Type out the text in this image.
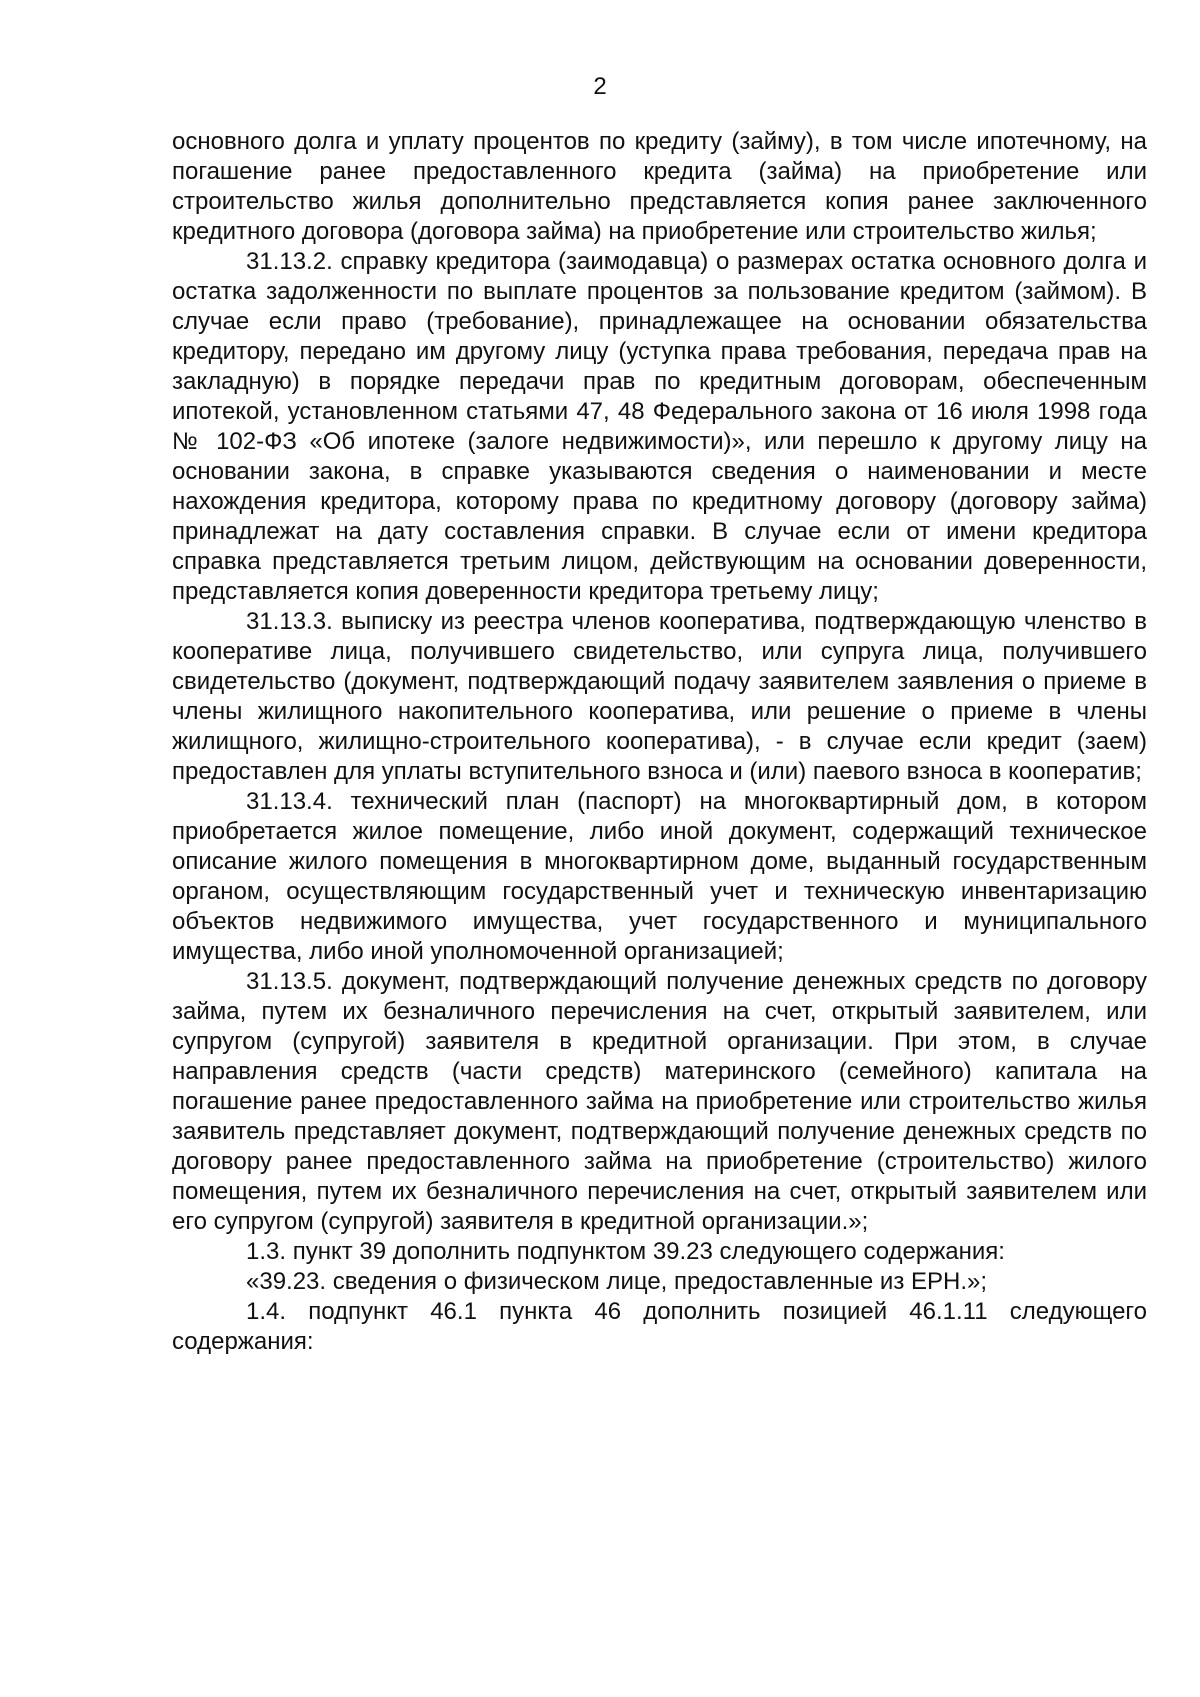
2

основного долга и уплату процентов по кредиту (займу), в том числе ипотечному, на погашение ранее предоставленного кредита (займа) на приобретение или строительство жилья дополнительно представляется копия ранее заключенного кредитного договора (договора займа) на приобретение или строительство жилья;

31.13.2. справку кредитора (заимодавца) о размерах остатка основного долга и остатка задолженности по выплате процентов за пользование кредитом (займом). В случае если право (требование), принадлежащее на основании обязательства кредитору, передано им другому лицу (уступка права требования, передача прав на закладную) в порядке передачи прав по кредитным договорам, обеспеченным ипотекой, установленном статьями 47, 48 Федерального закона от 16 июля 1998 года № 102-ФЗ «Об ипотеке (залоге недвижимости)», или перешло к другому лицу на основании закона, в справке указываются сведения о наименовании и месте нахождения кредитора, которому права по кредитному договору (договору займа) принадлежат на дату составления справки. В случае если от имени кредитора справка представляется третьим лицом, действующим на основании доверенности, представляется копия доверенности кредитора третьему лицу;

31.13.3. выписку из реестра членов кооператива, подтверждающую членство в кооперативе лица, получившего свидетельство, или супруга лица, получившего свидетельство (документ, подтверждающий подачу заявителем заявления о приеме в члены жилищного накопительного кооператива, или решение о приеме в члены жилищного, жилищно-строительного кооператива), - в случае если кредит (заем) предоставлен для уплаты вступительного взноса и (или) паевого взноса в кооператив;

31.13.4. технический план (паспорт) на многоквартирный дом, в котором приобретается жилое помещение, либо иной документ, содержащий техническое описание жилого помещения в многоквартирном доме, выданный государственным органом, осуществляющим государственный учет и техническую инвентаризацию объектов недвижимого имущества, учет государственного и муниципального имущества, либо иной уполномоченной организацией;

31.13.5. документ, подтверждающий получение денежных средств по договору займа, путем их безналичного перечисления на счет, открытый заявителем, или супругом (супругой) заявителя в кредитной организации. При этом, в случае направления средств (части средств) материнского (семейного) капитала на погашение ранее предоставленного займа на приобретение или строительство жилья заявитель представляет документ, подтверждающий получение денежных средств по договору ранее предоставленного займа на приобретение (строительство) жилого помещения, путем их безналичного перечисления на счет, открытый заявителем или его супругом (супругой) заявителя в кредитной организации.»;

1.3. пункт 39 дополнить подпунктом 39.23 следующего содержания:

«39.23. сведения о физическом лице, предоставленные из ЕРН.»;

1.4. подпункт 46.1 пункта 46 дополнить позицией 46.1.11 следующего содержания:
